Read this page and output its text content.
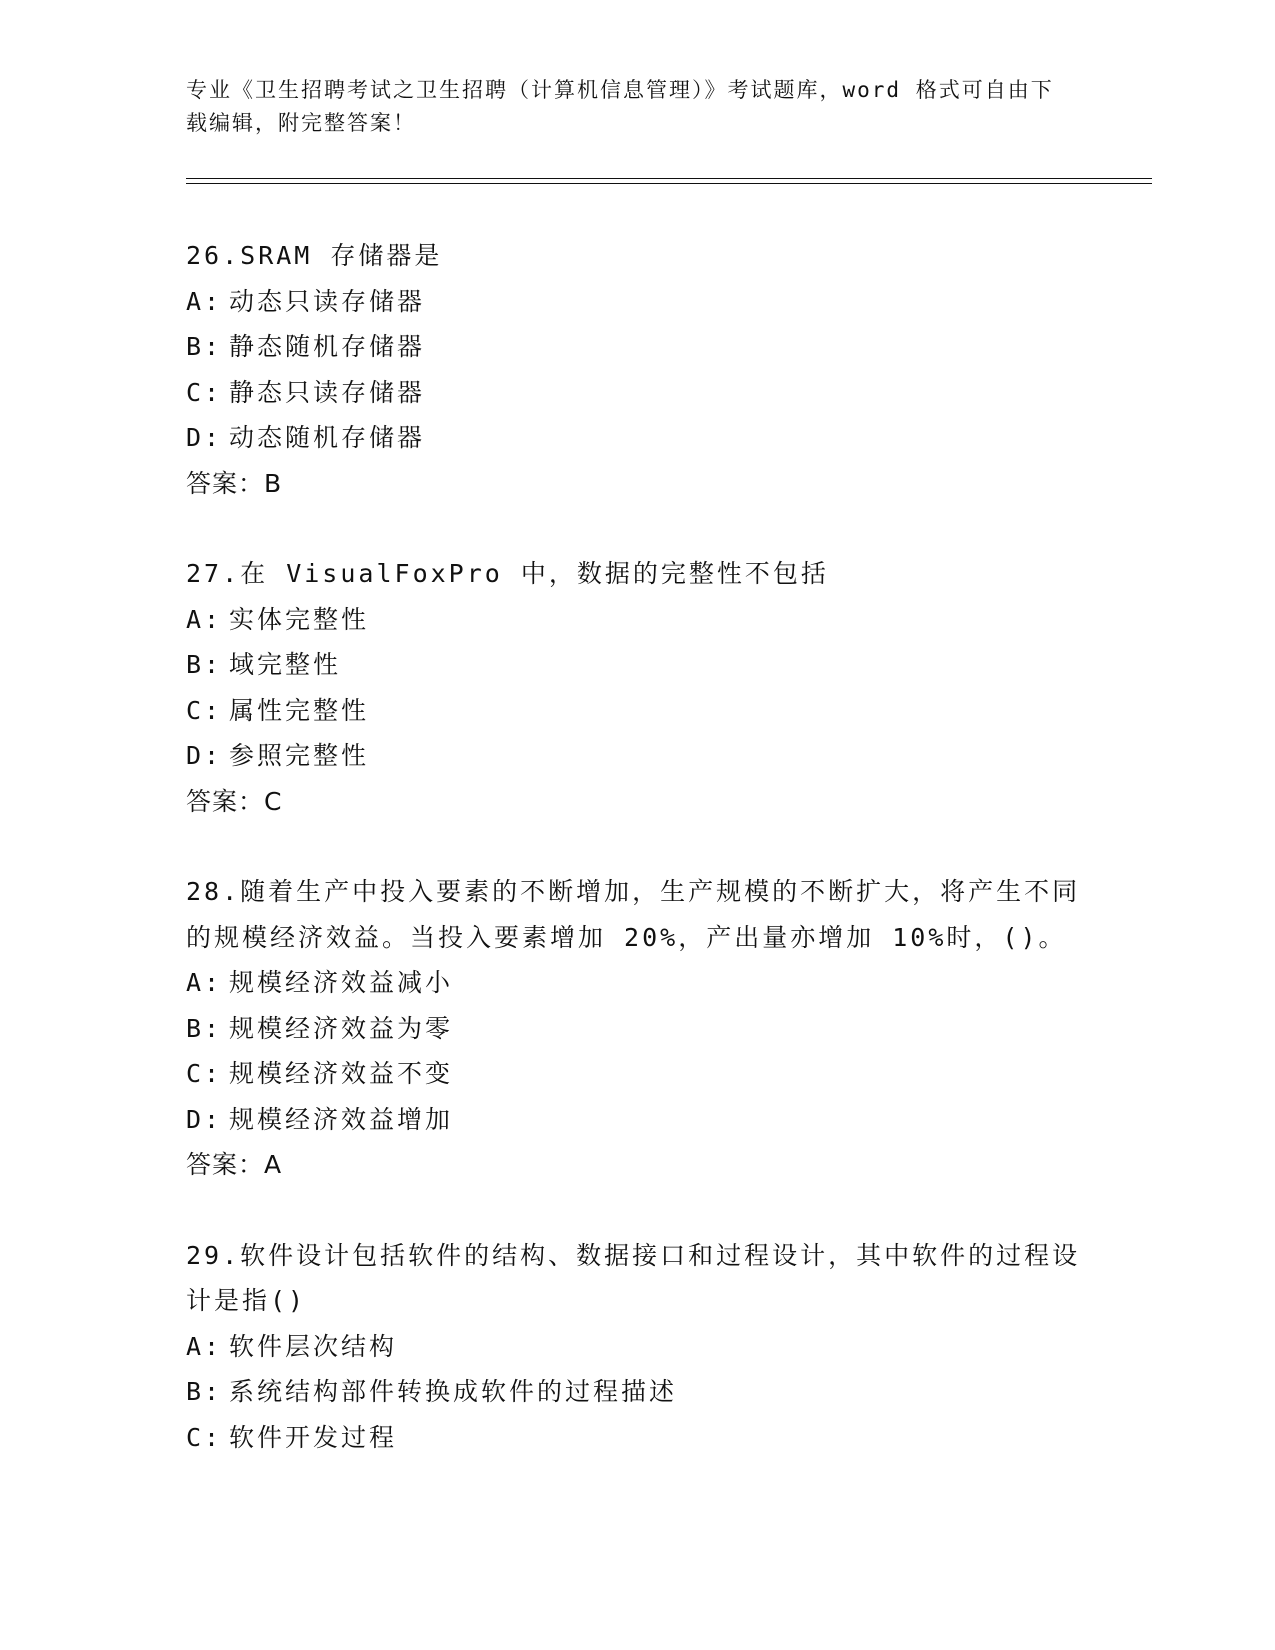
专业《卫生招聘考试之卫生招聘（计算机信息管理）》考试题库，word 格式可自由下载编辑，附完整答案！

26.SRAM 存储器是

A: 动态只读存储器

B: 静态随机存储器

C: 静态只读存储器

D: 动态随机存储器

答案：B

27.在 VisualFoxPro 中，数据的完整性不包括

A: 实体完整性

B: 域完整性

C: 属性完整性

D: 参照完整性

答案：C

28.随着生产中投入要素的不断增加，生产规模的不断扩大，将产生不同的规模经济效益。当投入要素增加 20%，产出量亦增加 10%时，()。

A: 规模经济效益减小

B: 规模经济效益为零

C: 规模经济效益不变

D: 规模经济效益增加

答案：A

29.软件设计包括软件的结构、数据接口和过程设计，其中软件的过程设计是指()

A: 软件层次结构

B: 系统结构部件转换成软件的过程描述

C: 软件开发过程
